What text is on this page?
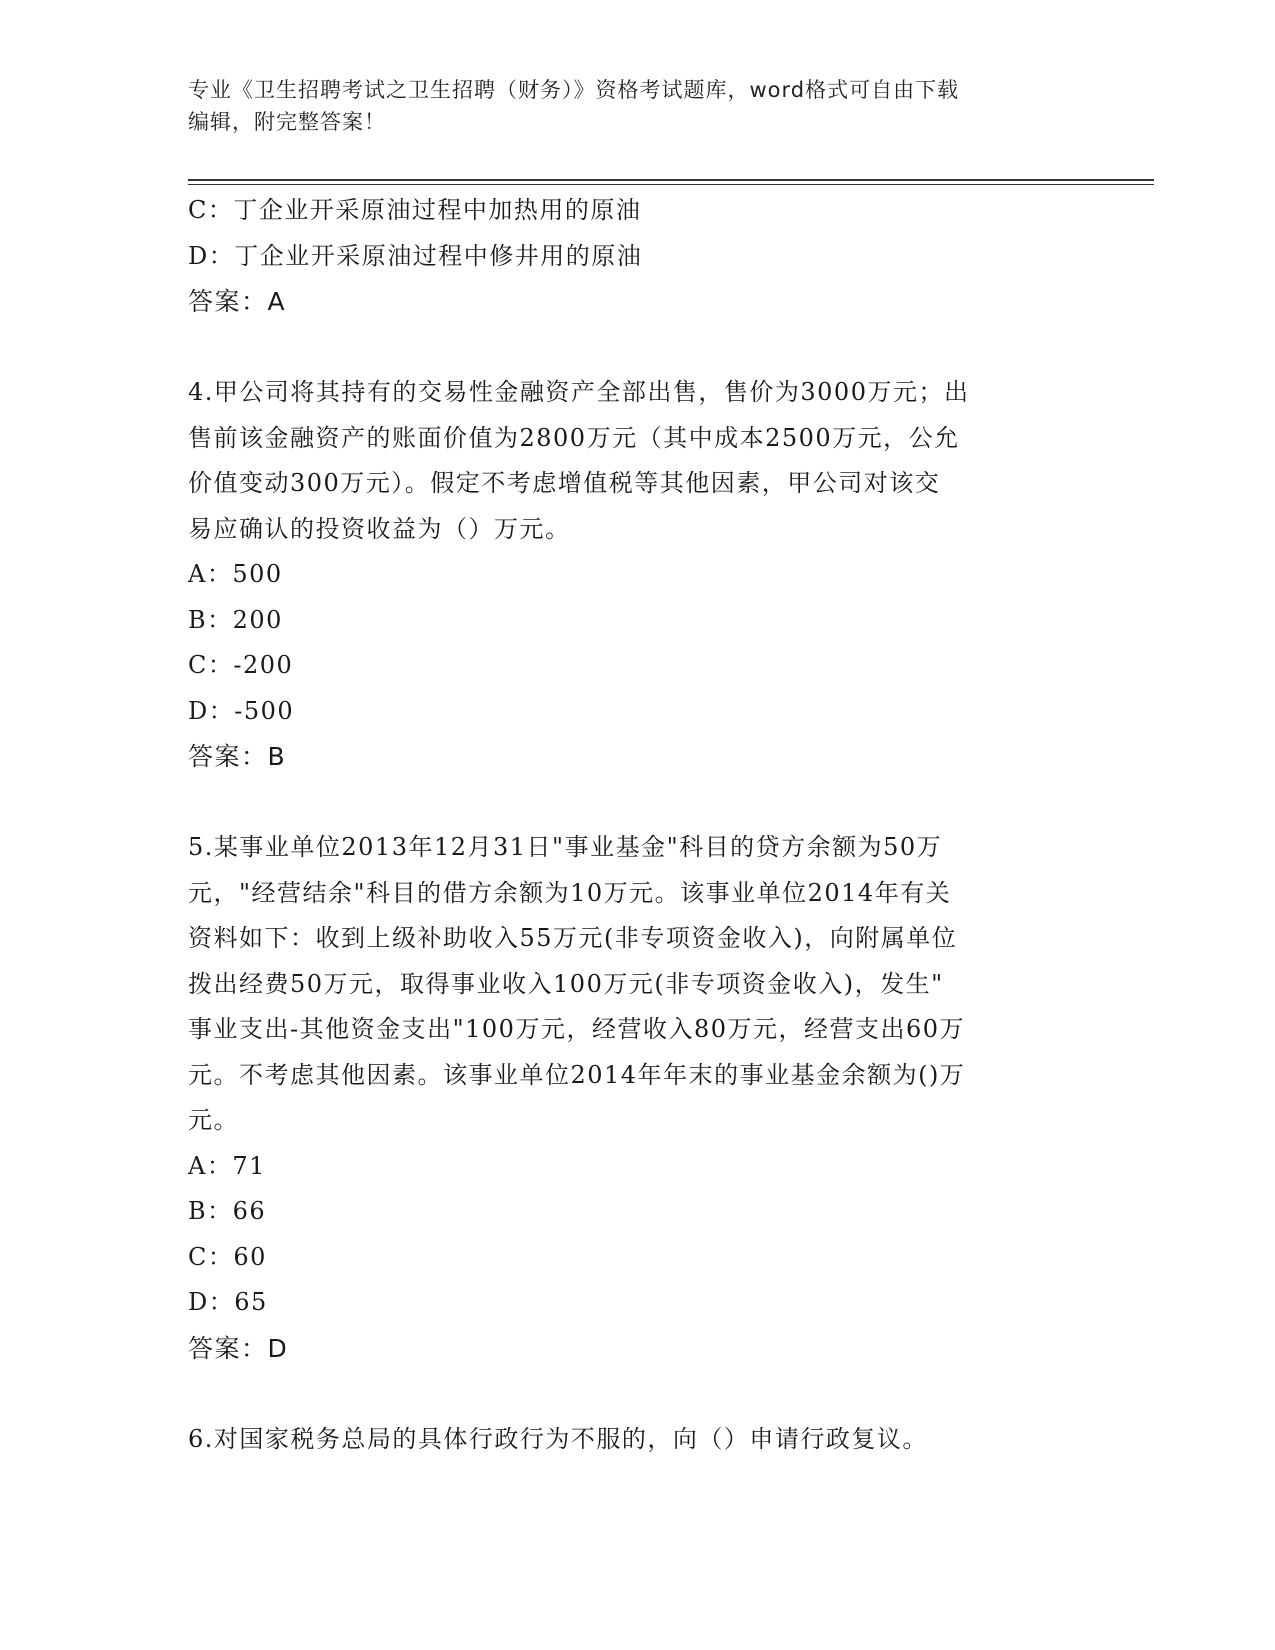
专业《卫生招聘考试之卫生招聘（财务）》资格考试题库，word格式可自由下载
编辑，附完整答案！

C：丁企业开采原油过程中加热用的原油

D：丁企业开采原油过程中修井用的原油

答案：A

4.甲公司将其持有的交易性金融资产全部出售，售价为3000万元；出

售前该金融资产的账面价值为2800万元（其中成本2500万元，公允

价值变动300万元）。假定不考虑增值税等其他因素，甲公司对该交

易应确认的投资收益为（）万元。

A：500

B：200

C：-200

D：-500

答案：B

5.某事业单位2013年12月31日"事业基金"科目的贷方余额为50万

元，"经营结余"科目的借方余额为10万元。该事业单位2014年有关

资料如下：收到上级补助收入55万元(非专项资金收入)，向附属单位

拨出经费50万元，取得事业收入100万元(非专项资金收入)，发生"

事业支出-其他资金支出"100万元，经营收入80万元，经营支出60万

元。不考虑其他因素。该事业单位2014年年末的事业基金余额为()万

元。

A：71

B：66

C：60

D：65

答案：D

6.对国家税务总局的具体行政行为不服的，向（）申请行政复议。
